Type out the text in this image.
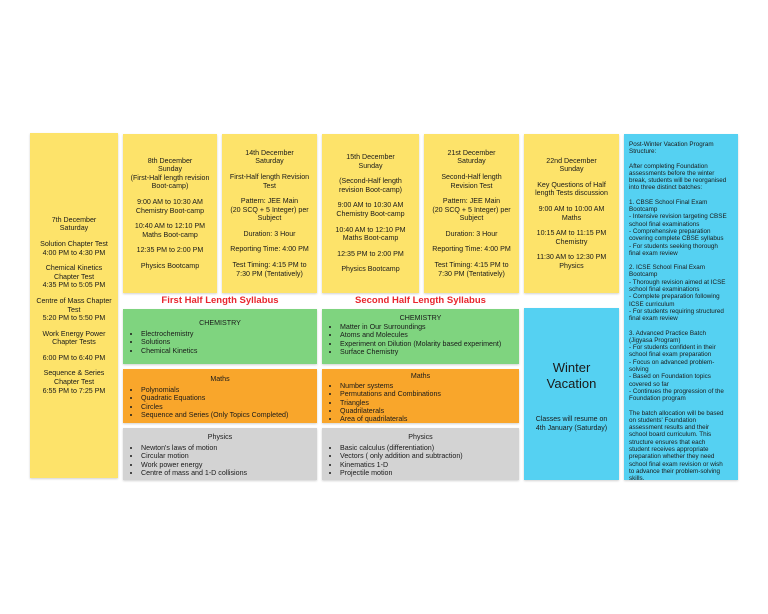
7th December
Saturday
Solution Chapter Test
4:00 PM to 4:30 PM
Chemical Kinetics
Chapter Test
4:35 PM to 5:05 PM
Centre of Mass Chapter
Test
5:20 PM to 5:50 PM
Work Energy Power
Chapter Tests
6:00 PM to 6:40 PM
Sequence & Series
Chapter Test
6:55 PM to 7:25 PM
8th December
Sunday
(First-Half length revision
Boot-camp)
9:00 AM to 10:30 AM
Chemistry Boot-camp
10:40 AM to 12:10 PM
Maths Boot-camp
12:35 PM to 2:00 PM
Physics Bootcamp
14th December
Saturday
First-Half length Revision
Test
Pattern: JEE Main
(20 SCQ + 5 Integer) per
Subject
Duration: 3 Hour
Reporting Time: 4:00 PM
Test Timing: 4:15 PM to
7:30 PM (Tentatively)
15th December
Sunday
(Second-Half length
revision Boot-camp)
9:00 AM to 10:30 AM
Chemistry Boot-camp
10:40 AM to 12:10 PM
Maths Boot-camp
12:35 PM to 2:00 PM
Physics Bootcamp
21st December
Saturday
Second-Half length
Revision Test
Pattern: JEE Main
(20 SCQ + 5 Integer) per
Subject
Duration: 3 Hour
Reporting Time: 4:00 PM
Test Timing: 4:15 PM to
7:30 PM (Tentatively)
22nd December
Sunday
Key Questions of Half
length Tests discussion
9:00 AM to 10:00 AM
Maths
10:15 AM to 11:15 PM
Chemistry
11:30 AM to 12:30 PM
Physics
First Half Length Syllabus	Second Half Length Syllabus
CHEMISTRY
• Electrochemistry
• Solutions
• Chemical Kinetics
Maths
• Polynomials
• Quadratic Equations
• Circles
• Sequence and Series (Only Topics Completed)
Physics
• Newton's laws of motion
• Circular motion
• Work power energy
• Centre of mass and 1-D collisions
CHEMISTRY
• Matter in Our Surroundings
• Atoms and Molecules
• Experiment on Dilution (Molarity based experiment)
• Surface Chemistry
Maths
• Number systems
• Permutations and Combinations
• Triangles
• Quadrilaterals
• Area of quadrilaterals
Physics
• Basic calculus (differentiation)
• Vectors ( only addition and subtraction)
• Kinematics 1-D
• Projectile motion
Winter
Vacation
Classes will resume on
4th January (Saturday)
Post-Winter Vacation Program
Structure:
After completing Foundation
assessments before the winter
break, students will be reorganised
into three distinct batches:
1. CBSE School Final Exam
Bootcamp
- Intensive revision targeting CBSE
school final examinations
- Comprehensive preparation
covering complete CBSE syllabus
- For students seeking thorough
final exam review
2. ICSE School Final Exam
Bootcamp
- Thorough revision aimed at ICSE
school final examinations
- Complete preparation following
ICSE curriculum
- For students requiring structured
final exam review
3. Advanced Practice Batch
(Jigyasa Program)
- For students confident in their
school final exam preparation
- Focus on advanced problem-
solving
- Based on Foundation topics
covered so far
- Continues the progression of the
Foundation program
The batch allocation will be based
on students' Foundation
assessment results and their
school board curriculum. This
structure ensures that each
student receives appropriate
preparation whether they need
school final exam revision or wish
to advance their problem-solving
skills.
